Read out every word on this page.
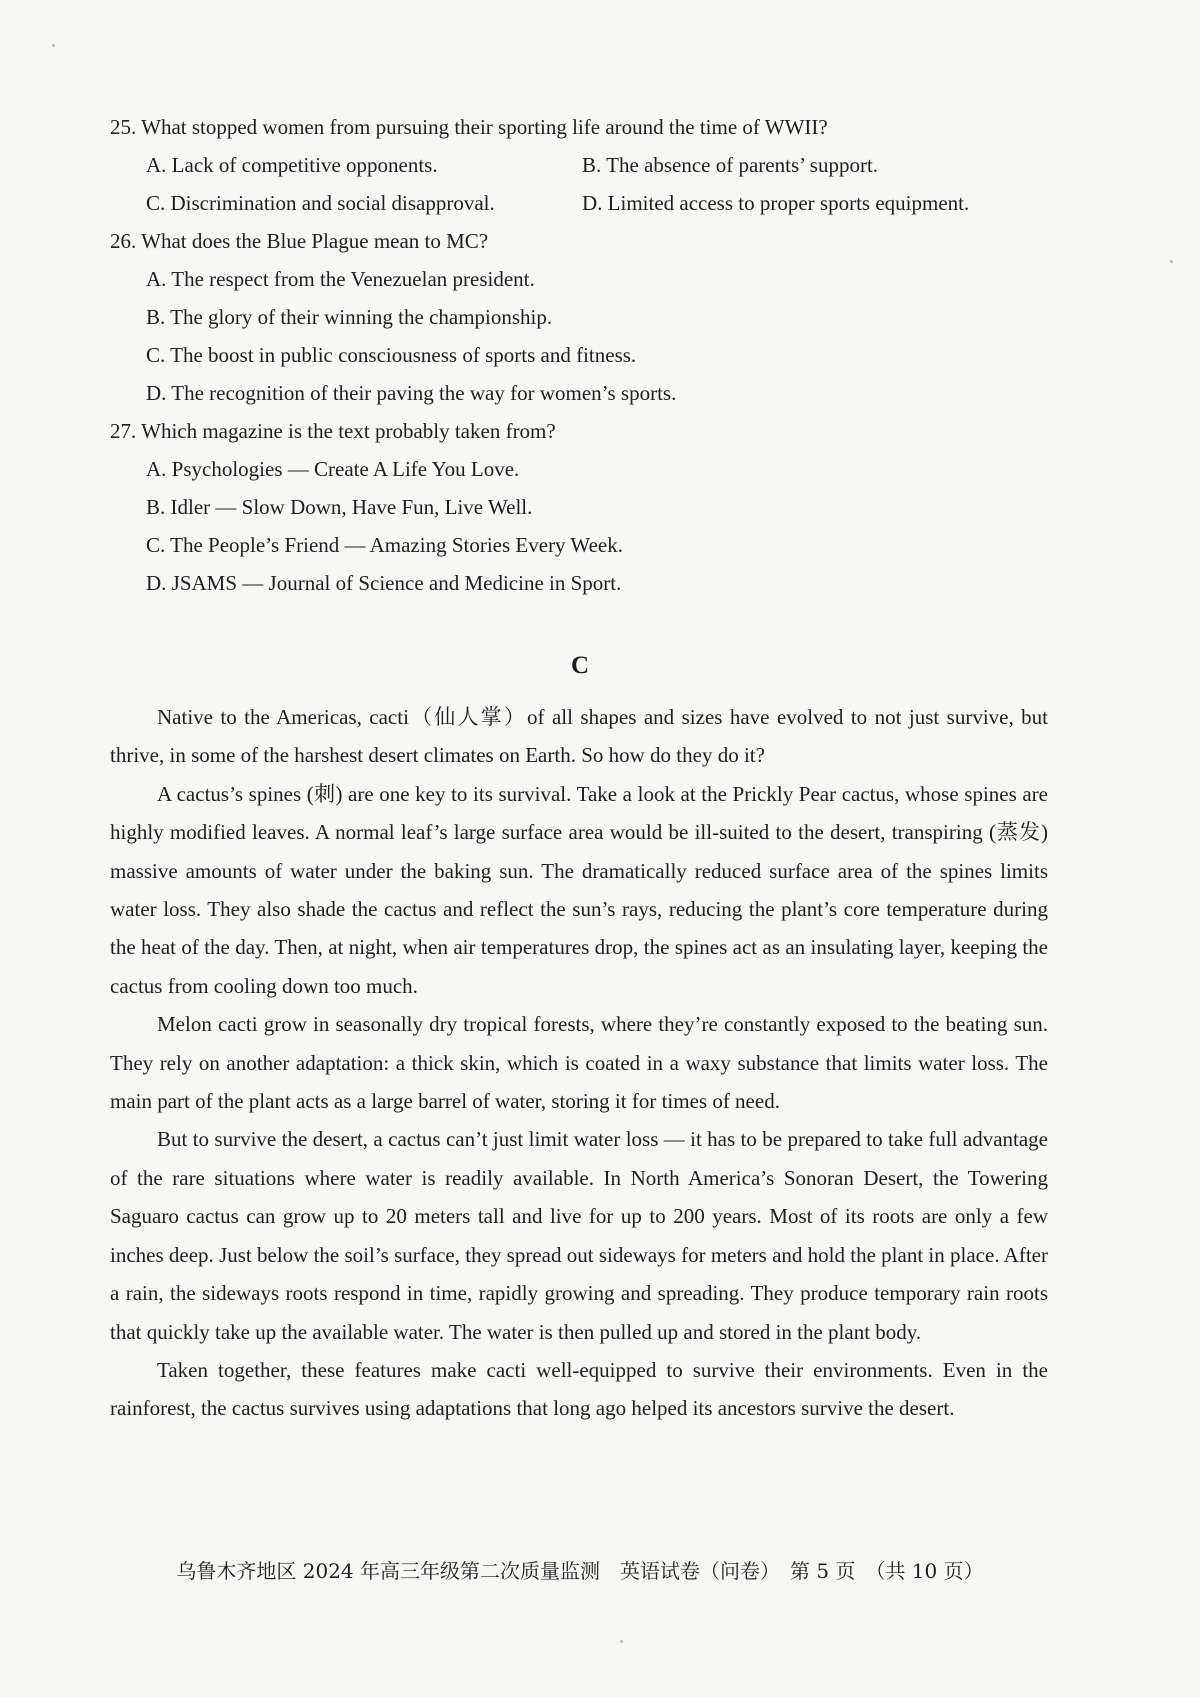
25. What stopped women from pursuing their sporting life around the time of WWII?
A. Lack of competitive opponents.	B. The absence of parents’ support.
C. Discrimination and social disapproval.	D. Limited access to proper sports equipment.
26. What does the Blue Plague mean to MC?
A. The respect from the Venezuelan president.
B. The glory of their winning the championship.
C. The boost in public consciousness of sports and fitness.
D. The recognition of their paving the way for women’s sports.
27. Which magazine is the text probably taken from?
A. Psychologies — Create A Life You Love.
B. Idler — Slow Down, Have Fun, Live Well.
C. The People’s Friend — Amazing Stories Every Week.
D. JSAMS — Journal of Science and Medicine in Sport.
C

Native to the Americas, cacti（仙人掌）of all shapes and sizes have evolved to not just survive, but thrive, in some of the harshest desert climates on Earth. So how do they do it?

A cactus’s spines (刺) are one key to its survival. Take a look at the Prickly Pear cactus, whose spines are highly modified leaves. A normal leaf’s large surface area would be ill-suited to the desert, transpiring (蒸发) massive amounts of water under the baking sun. The dramatically reduced surface area of the spines limits water loss. They also shade the cactus and reflect the sun’s rays, reducing the plant’s core temperature during the heat of the day. Then, at night, when air temperatures drop, the spines act as an insulating layer, keeping the cactus from cooling down too much.

Melon cacti grow in seasonally dry tropical forests, where they’re constantly exposed to the beating sun. They rely on another adaptation: a thick skin, which is coated in a waxy substance that limits water loss. The main part of the plant acts as a large barrel of water, storing it for times of need.

But to survive the desert, a cactus can’t just limit water loss — it has to be prepared to take full advantage of the rare situations where water is readily available. In North America’s Sonoran Desert, the Towering Saguaro cactus can grow up to 20 meters tall and live for up to 200 years. Most of its roots are only a few inches deep. Just below the soil’s surface, they spread out sideways for meters and hold the plant in place. After a rain, the sideways roots respond in time, rapidly growing and spreading. They produce temporary rain roots that quickly take up the available water. The water is then pulled up and stored in the plant body.

Taken together, these features make cacti well-equipped to survive their environments. Even in the rainforest, the cactus survives using adaptations that long ago helped its ancestors survive the desert.

乌鲁木齐地区 2024 年高三年级第二次质量监测　英语试卷（问卷）　第 5 页　（共 10 页）
